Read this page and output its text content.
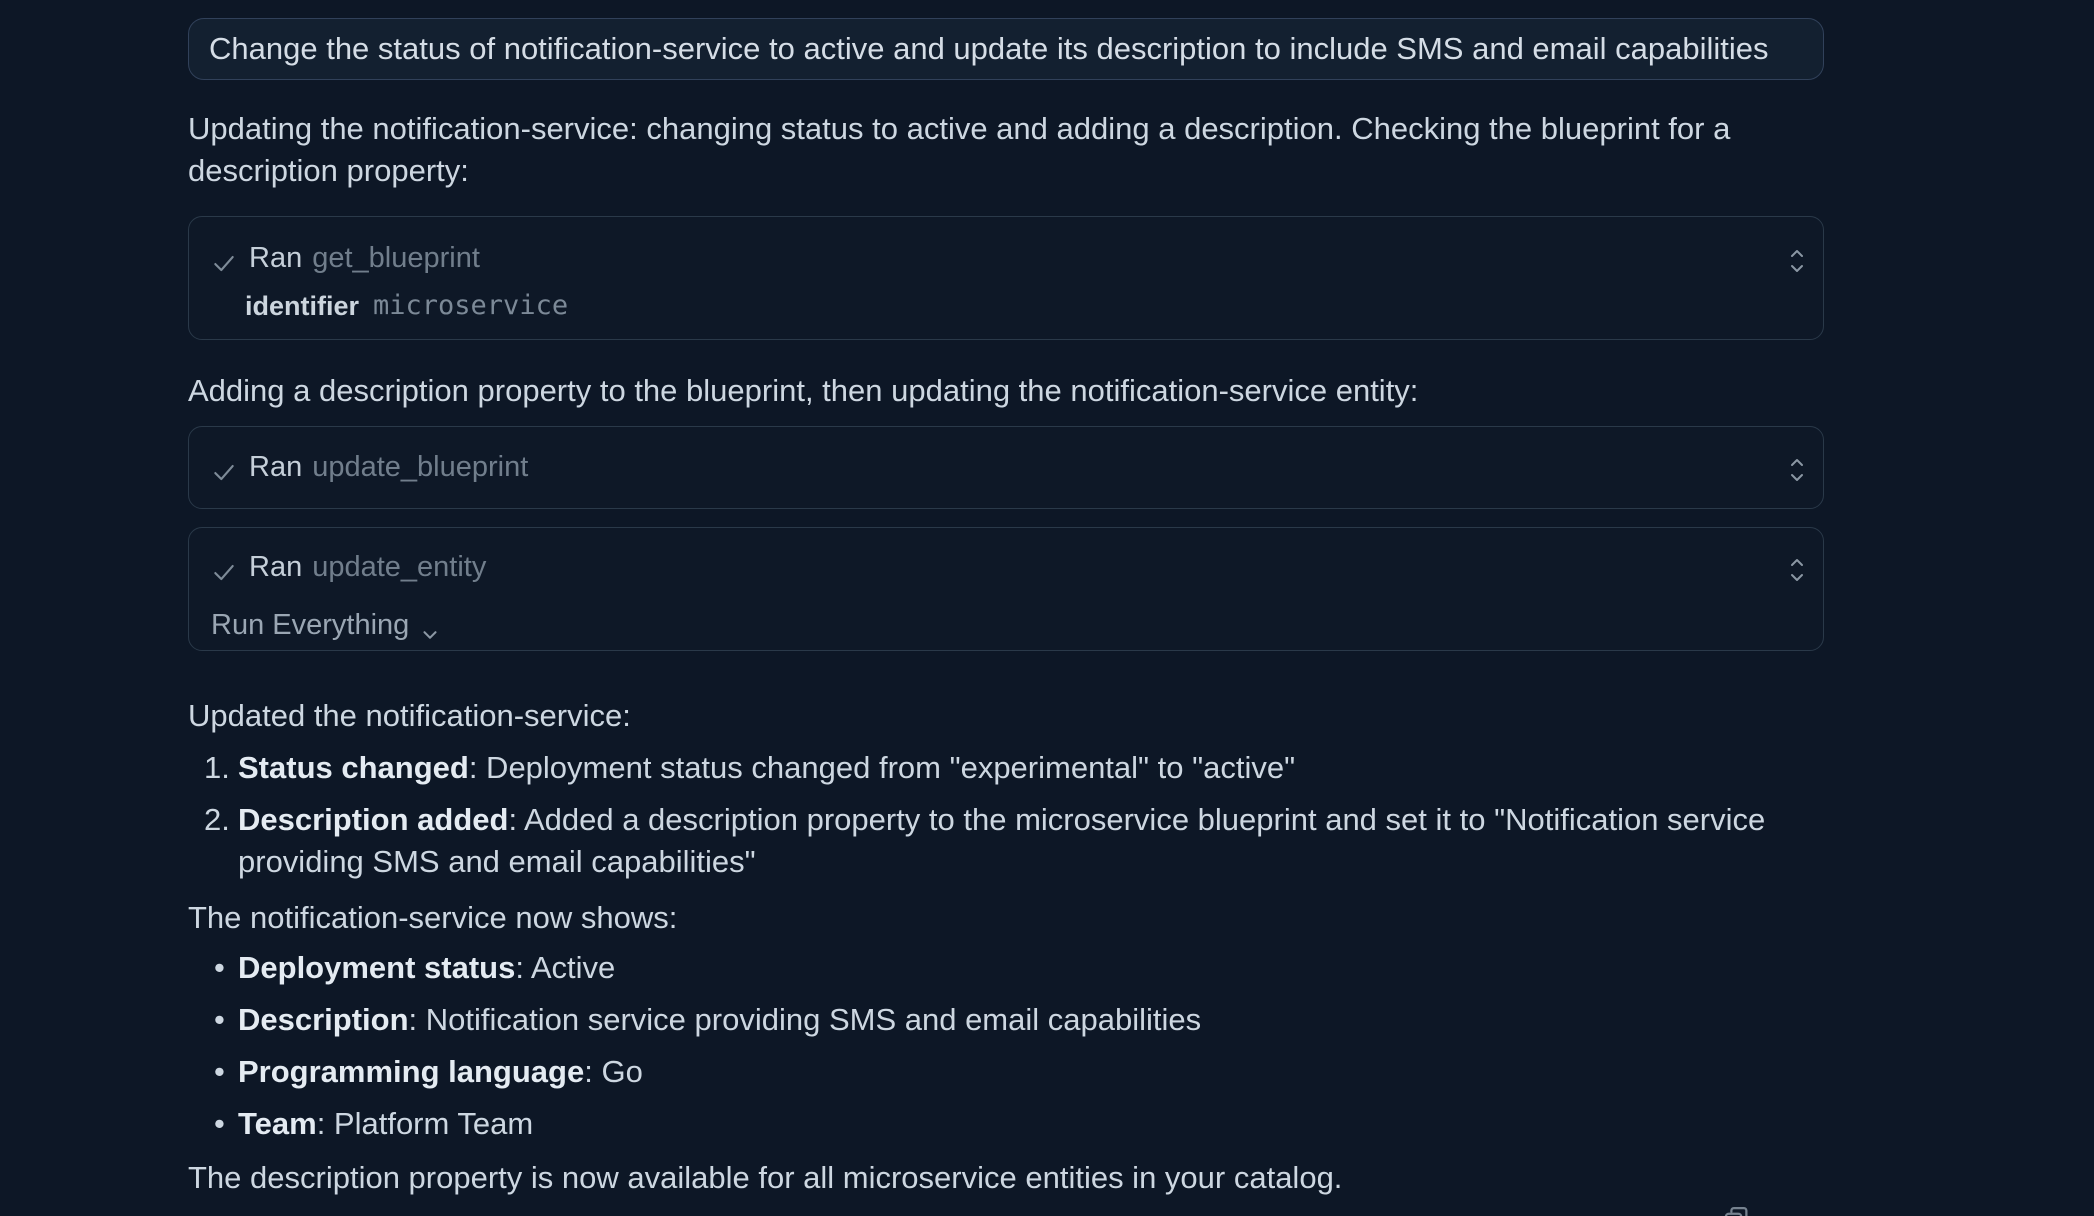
Change the status of notification-service to active and update its description to include SMS and email capabilities
Updating the notification-service: changing status to active and adding a description. Checking the blueprint for a description property:
Ran get_blueprint
identifier microservice
Adding a description property to the blueprint, then updating the notification-service entity:
Ran update_blueprint
Ran update_entity
Run Everything
Updated the notification-service:
1. Status changed: Deployment status changed from "experimental" to "active"
2. Description added: Added a description property to the microservice blueprint and set it to "Notification service providing SMS and email capabilities"
The notification-service now shows:
• Deployment status: Active
• Description: Notification service providing SMS and email capabilities
• Programming language: Go
• Team: Platform Team
The description property is now available for all microservice entities in your catalog.
